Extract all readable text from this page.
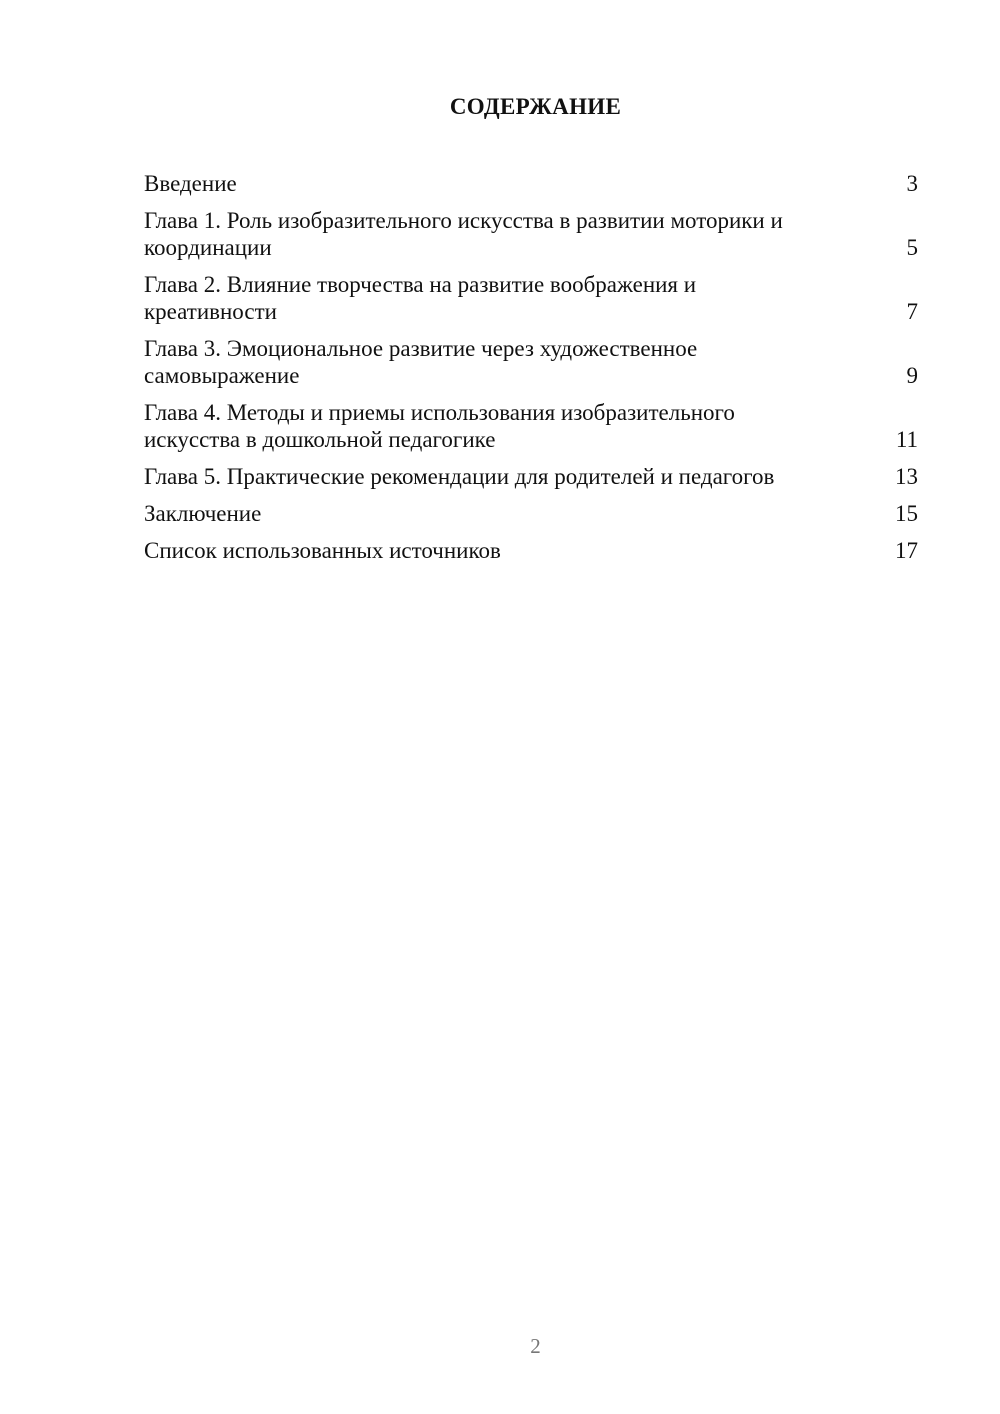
СОДЕРЖАНИЕ
Введение	3
Глава 1. Роль изобразительного искусства в развитии моторики и координации	5
Глава 2. Влияние творчества на развитие воображения и креативности	7
Глава 3. Эмоциональное развитие через художественное самовыражение	9
Глава 4. Методы и приемы использования изобразительного искусства в дошкольной педагогике	11
Глава 5. Практические рекомендации для родителей и педагогов	13
Заключение	15
Список использованных источников	17
2
